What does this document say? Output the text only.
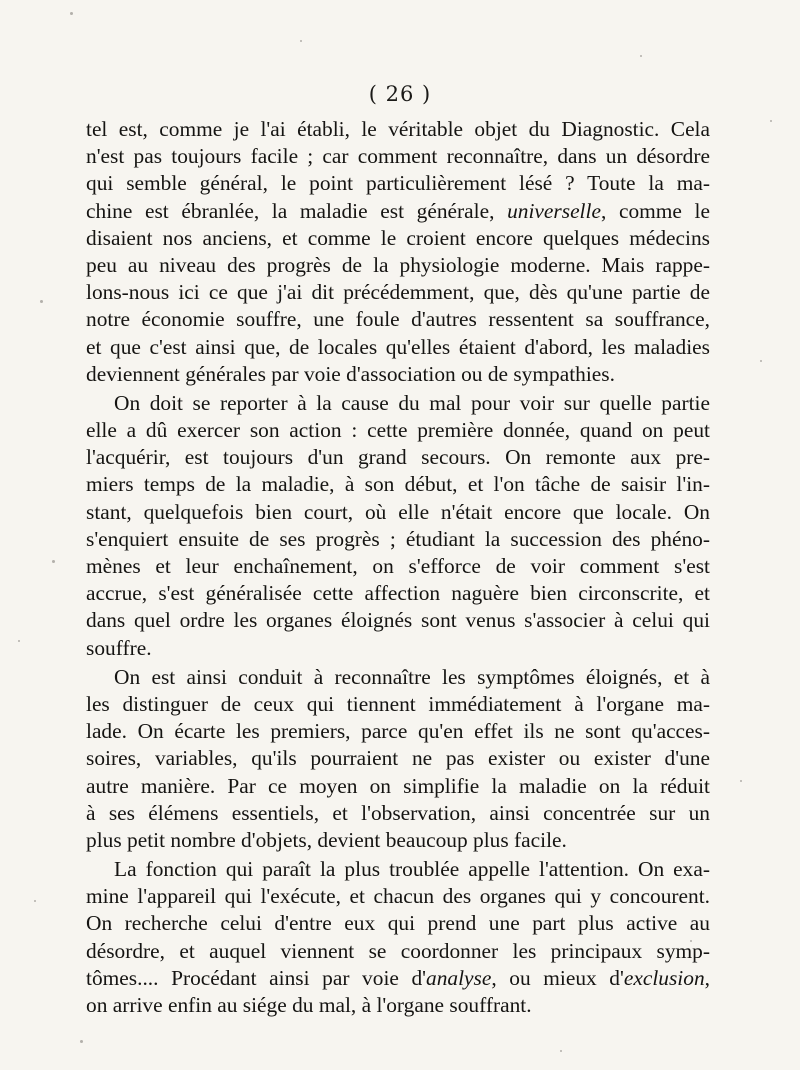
( 26 )
tel est, comme je l'ai établi, le véritable objet du Diagnostic. Cela
n'est pas toujours facile ; car comment reconnaître, dans un désordre
qui semble général, le point particulièrement lésé ? Toute la ma-
chine est ébranlée, la maladie est générale, universelle, comme le
disaient nos anciens, et comme le croient encore quelques médecins
peu au niveau des progrès de la physiologie moderne. Mais rappe-
lons-nous ici ce que j'ai dit précédemment, que, dès qu'une partie de
notre économie souffre, une foule d'autres ressentent sa souffrance,
et que c'est ainsi que, de locales qu'elles étaient d'abord, les maladies
deviennent générales par voie d'association ou de sympathies.
On doit se reporter à la cause du mal pour voir sur quelle partie
elle a dû exercer son action : cette première donnée, quand on peut
l'acquérir, est toujours d'un grand secours. On remonte aux pre-
miers temps de la maladie, à son début, et l'on tâche de saisir l'in-
stant, quelquefois bien court, où elle n'était encore que locale. On
s'enquiert ensuite de ses progrès ; étudiant la succession des phéno-
mènes et leur enchaînement, on s'efforce de voir comment s'est
accrue, s'est généralisée cette affection naguère bien circonscrite, et
dans quel ordre les organes éloignés sont venus s'associer à celui qui
souffre.
On est ainsi conduit à reconnaître les symptômes éloignés, et à
les distinguer de ceux qui tiennent immédiatement à l'organe ma-
lade. On écarte les premiers, parce qu'en effet ils ne sont qu'acces-
soires, variables, qu'ils pourraient ne pas exister ou exister d'une
autre manière. Par ce moyen on simplifie la maladie on la réduit
à ses élémens essentiels, et l'observation, ainsi concentrée sur un
plus petit nombre d'objets, devient beaucoup plus facile.
La fonction qui paraît la plus troublée appelle l'attention. On exa-
mine l'appareil qui l'exécute, et chacun des organes qui y concourent.
On recherche celui d'entre eux qui prend une part plus active au
désordre, et auquel viennent se coordonner les principaux symp-
tômes.... Procédant ainsi par voie d'analyse, ou mieux d'exclusion,
on arrive enfin au siége du mal, à l'organe souffrant.
